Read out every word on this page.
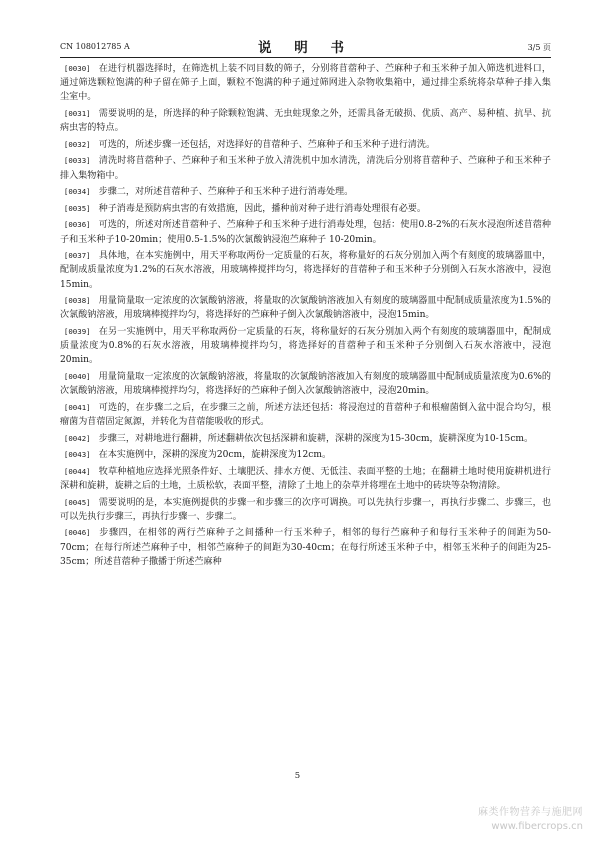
CN 108012785 A	说 明 书	3/5 页

[0030] 在进行机器选择时，在筛选机上装不同目数的筛子，分别将苜蓿种子、苎麻种子和玉米种子加入筛选机进料口，通过筛选颗粒饱满的种子留在筛子上面，颗粒不饱满的种子通过筛网进入杂物收集箱中，通过排尘系统将杂草种子排入集尘室中。

[0031] 需要说明的是，所选择的种子除颗粒饱满、无虫蛀现象之外，还需具备无破损、优质、高产、易种植、抗旱、抗病虫害的特点。

[0032] 可选的，所述步骤一还包括，对选择好的苜蓿种子、苎麻种子和玉米种子进行清洗。

[0033] 清洗时将苜蓿种子、苎麻种子和玉米种子放入清洗机中加水清洗，清洗后分别将苜蓿种子、苎麻种子和玉米种子排入集物箱中。

[0034] 步骤二，对所述苜蓿种子、苎麻种子和玉米种子进行消毒处理。

[0035] 种子消毒是预防病虫害的有效措施，因此，播种前对种子进行消毒处理很有必要。

[0036] 可选的，所述对所述苜蓿种子、苎麻种子和玉米种子进行消毒处理，包括：使用0.8-2%的石灰水浸泡所述苜蓿种子和玉米种子10-20min；使用0.5-1.5%的次氯酸钠浸泡苎麻种子 10-20min。

[0037] 具体地，在本实施例中，用天平称取两份一定质量的石灰，将称量好的石灰分别加入两个有刻度的玻璃器皿中，配制成质量浓度为1.2%的石灰水溶液，用玻璃棒搅拌均匀，将选择好的苜蓿种子和玉米种子分别倒入石灰水溶液中，浸泡15min。

[0038] 用量筒量取一定浓度的次氯酸钠溶液，将量取的次氯酸钠溶液加入有刻度的玻璃器皿中配制成质量浓度为1.5%的次氯酸钠溶液，用玻璃棒搅拌均匀，将选择好的苎麻种子倒入次氯酸钠溶液中，浸泡15min。

[0039] 在另一实施例中，用天平称取两份一定质量的石灰，将称量好的石灰分别加入两个有刻度的玻璃器皿中，配制成质量浓度为0.8%的石灰水溶液，用玻璃棒搅拌均匀，将选择好的苜蓿种子和玉米种子分别倒入石灰水溶液中，浸泡20min。

[0040] 用量筒量取一定浓度的次氯酸钠溶液，将量取的次氯酸钠溶液加入有刻度的玻璃器皿中配制成质量浓度为0.6%的次氯酸钠溶液，用玻璃棒搅拌均匀，将选择好的苎麻种子倒入次氯酸钠溶液中，浸泡20min。

[0041] 可选的，在步骤二之后，在步骤三之前，所述方法还包括：将浸泡过的苜蓿种子和根瘤菌倒入盆中混合均匀，根瘤菌为苜蓿固定氮源，并转化为苜蓿能吸收的形式。

[0042] 步骤三，对耕地进行翻耕，所述翻耕依次包括深耕和旋耕，深耕的深度为15-30cm，旋耕深度为10-15cm。

[0043] 在本实施例中，深耕的深度为20cm，旋耕深度为12cm。

[0044] 牧草种植地应选择光照条件好、土壤肥沃、排水方便、无低洼、表面平整的土地；在翻耕土地时使用旋耕机进行深耕和旋耕，旋耕之后的土地，土质松软，表面平整，清除了土地上的杂草并将埋在土地中的砖块等杂物清除。

[0045] 需要说明的是，本实施例提供的步骤一和步骤三的次序可调换。可以先执行步骤一，再执行步骤二、步骤三，也可以先执行步骤三，再执行步骤一、步骤二。

[0046] 步骤四，在相邻的两行苎麻种子之间播种一行玉米种子，相邻的每行苎麻种子和每行玉米种子的间距为50-70cm；在每行所述苎麻种子中，相邻苎麻种子的间距为30-40cm；在每行所述玉米种子中，相邻玉米种子的间距为25-35cm；所述苜蓿种子撒播于所述苎麻种

5
麻类作物营养与施肥网
www.fibercrops.cn
